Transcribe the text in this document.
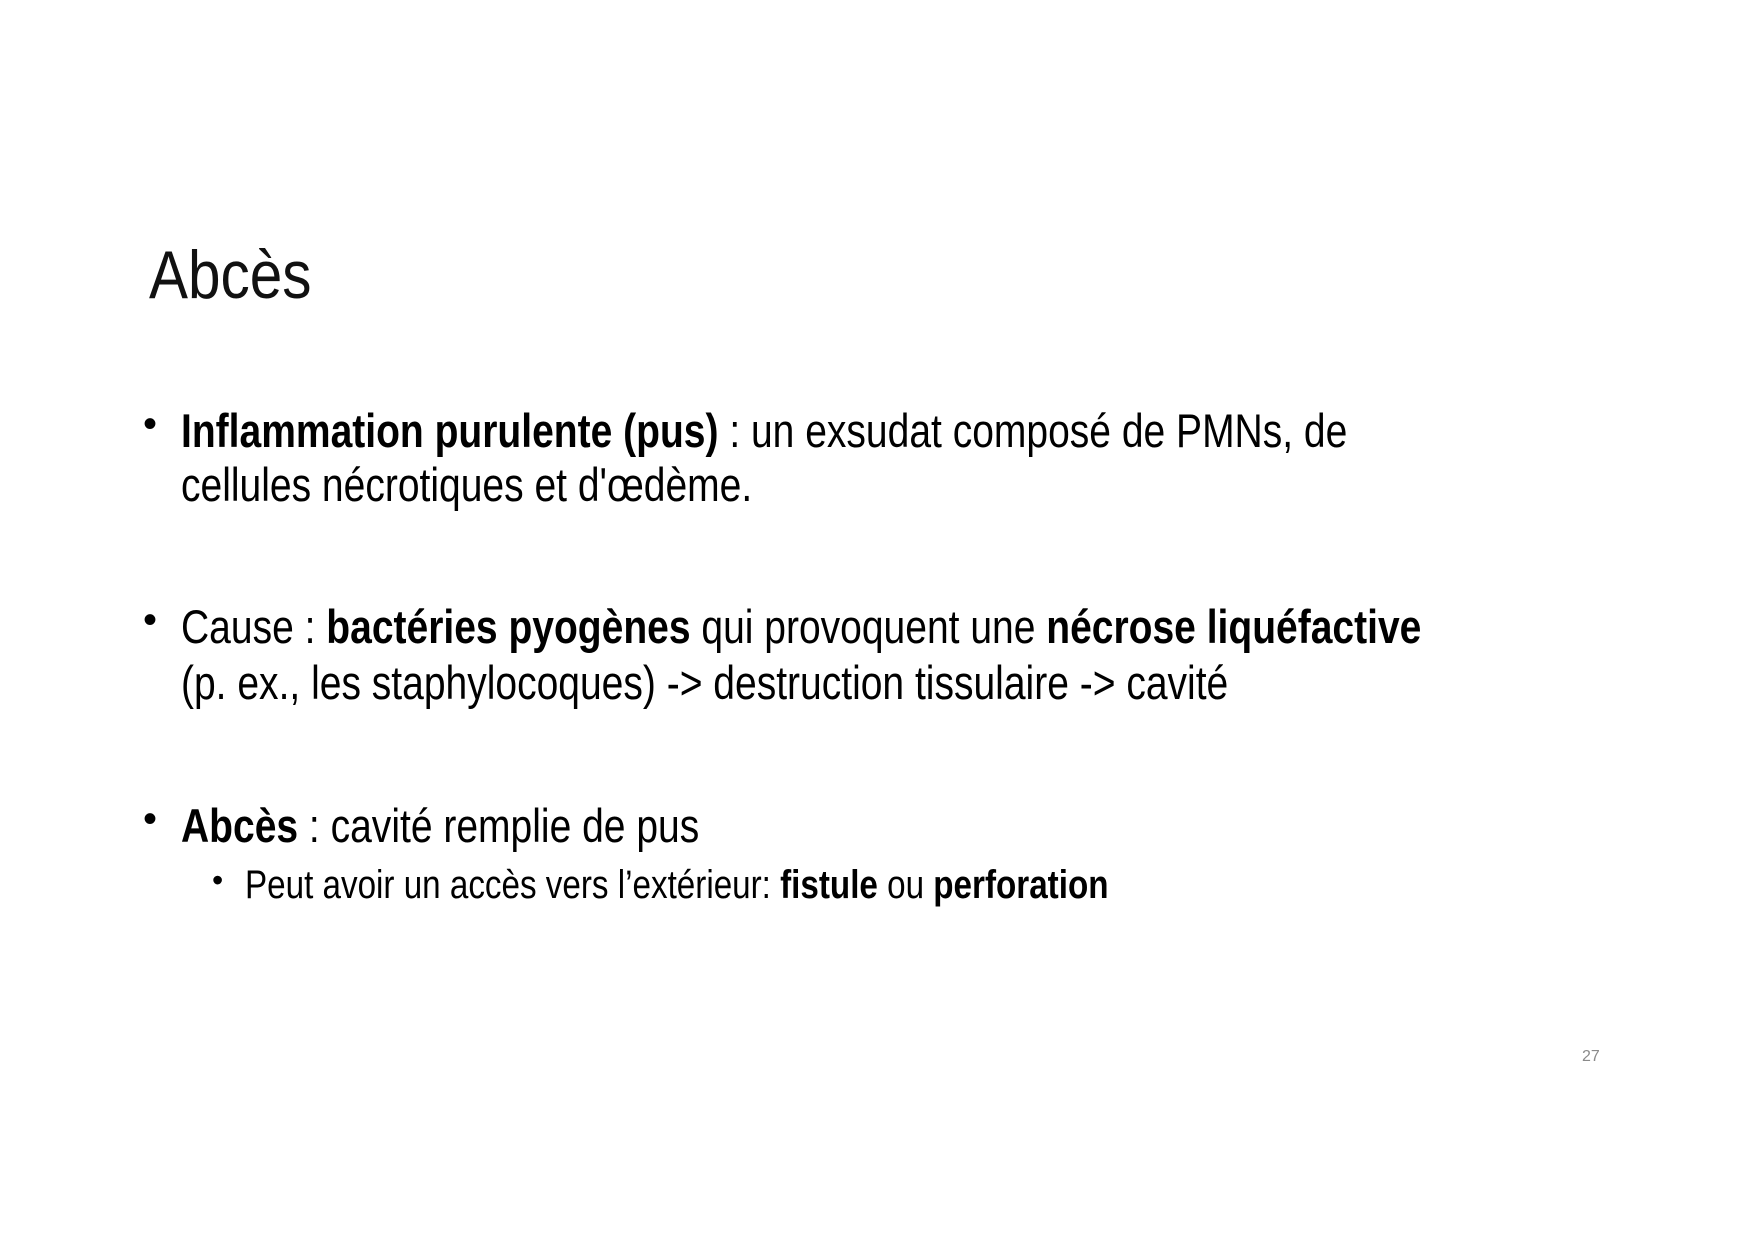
Abcès
• Inflammation purulente (pus) : un exsudat composé de PMNs, de
cellules nécrotiques et d'œdème.
• Cause : bactéries pyogènes qui provoquent une nécrose liquéfactive
(p. ex., les staphylocoques) -> destruction tissulaire -> cavité
• Abcès : cavité remplie de pus
• Peut avoir un accès vers l’extérieur: fistule ou perforation
27
